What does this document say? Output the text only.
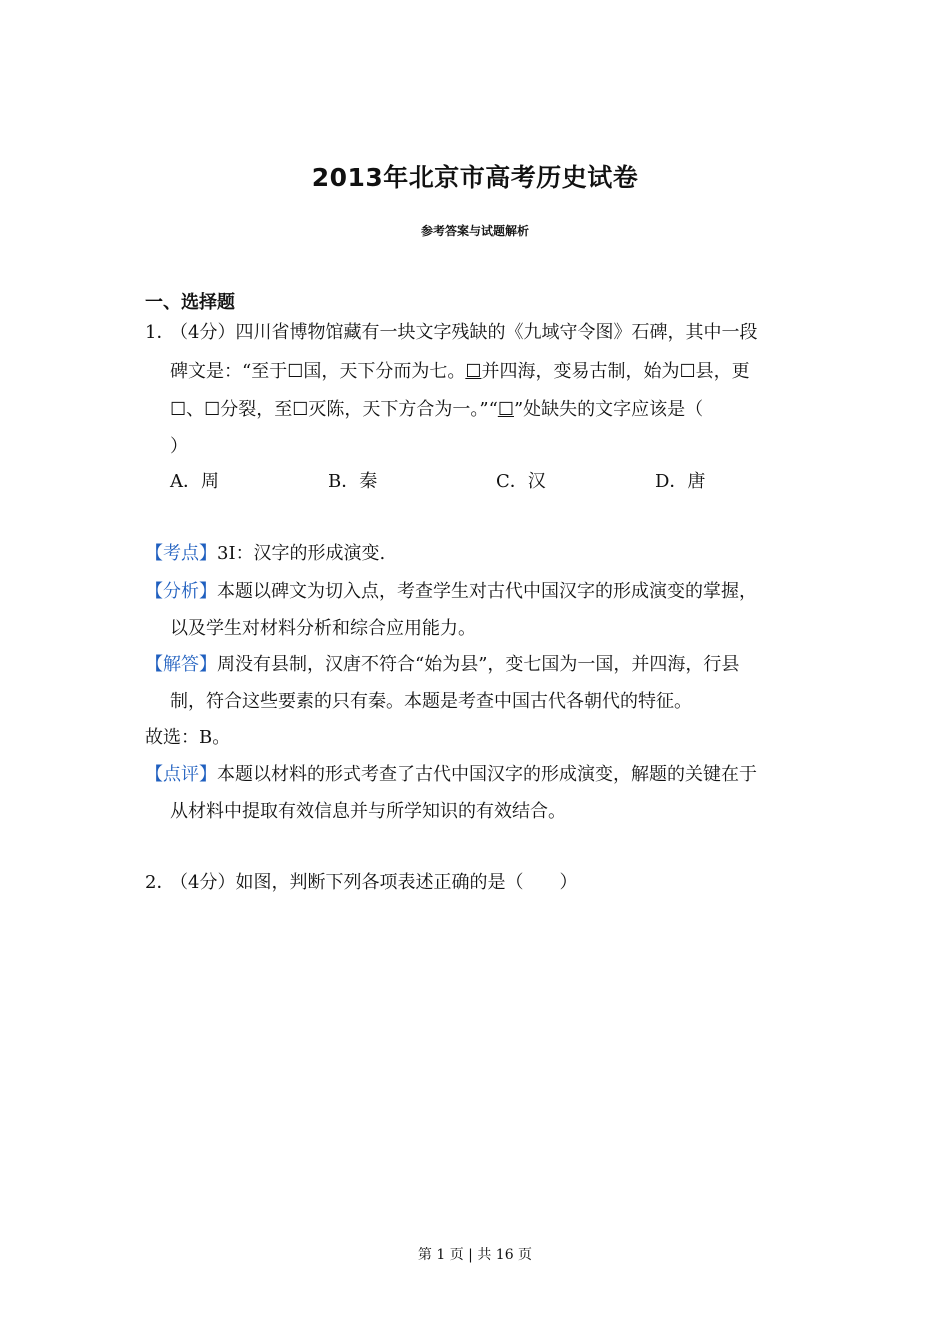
2013年北京市高考历史试卷
参考答案与试题解析
一、选择题
1．
（4分）四川省博物馆藏有一块文字残缺的《九域守令图》石碑，其中一段
碑文是：“至于☐国，天下分而为七。☐并四海，变易古制，始为☐县，更
☐、☐分裂，至☐灭陈，天下方合为一。”“☐”处缺失的文字应该是（
）
A．周	B．秦	C．汉	D．唐
【考点】3I：汉字的形成演变.
【分析】本题以碑文为切入点，考查学生对古代中国汉字的形成演变的掌握，
以及学生对材料分析和综合应用能力。
【解答】周没有县制，汉唐不符合“始为县”，变七国为一国，并四海，行县
制，符合这些要素的只有秦。本题是考查中国古代各朝代的特征。
故选：B。
【点评】本题以材料的形式考查了古代中国汉字的形成演变，解题的关键在于
从材料中提取有效信息并与所学知识的有效结合。
2．
（4分）如图，判断下列各项表述正确的是（　　）
第 1 页 | 共 16 页
